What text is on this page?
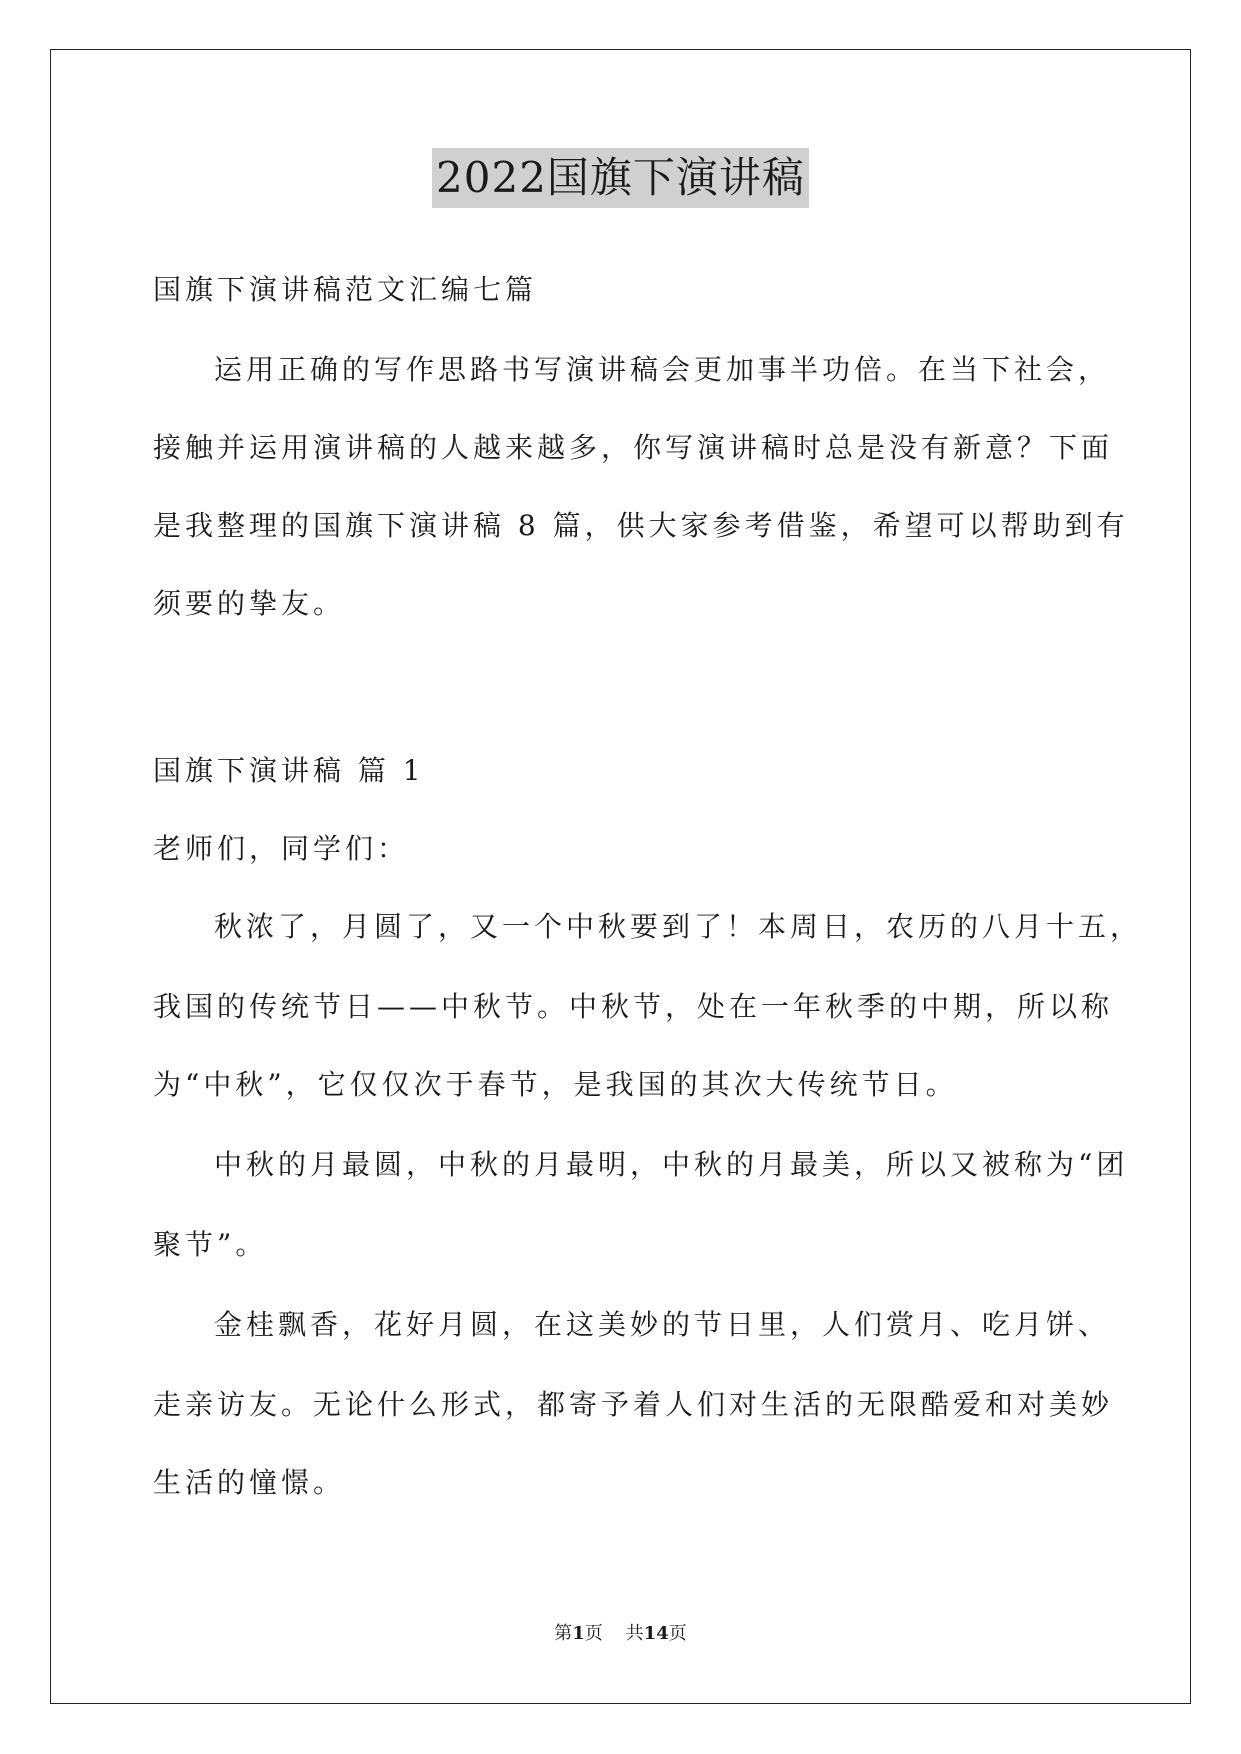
2022国旗下演讲稿
国旗下演讲稿范文汇编七篇
运用正确的写作思路书写演讲稿会更加事半功倍。在当下社会，
接触并运用演讲稿的人越来越多，你写演讲稿时总是没有新意？下面
是我整理的国旗下演讲稿 8 篇，供大家参考借鉴，希望可以帮助到有
须要的挚友。
国旗下演讲稿 篇 1
老师们，同学们：
秋浓了，月圆了，又一个中秋要到了！本周日，农历的八月十五，
我国的传统节日——中秋节。中秋节，处在一年秋季的中期，所以称
为“中秋”，它仅仅次于春节，是我国的其次大传统节日。
中秋的月最圆，中秋的月最明，中秋的月最美，所以又被称为“团
聚节”。
金桂飘香，花好月圆，在这美妙的节日里，人们赏月、吃月饼、
走亲访友。无论什么形式，都寄予着人们对生活的无限酷爱和对美妙
生活的憧憬。
第1页 共14页
